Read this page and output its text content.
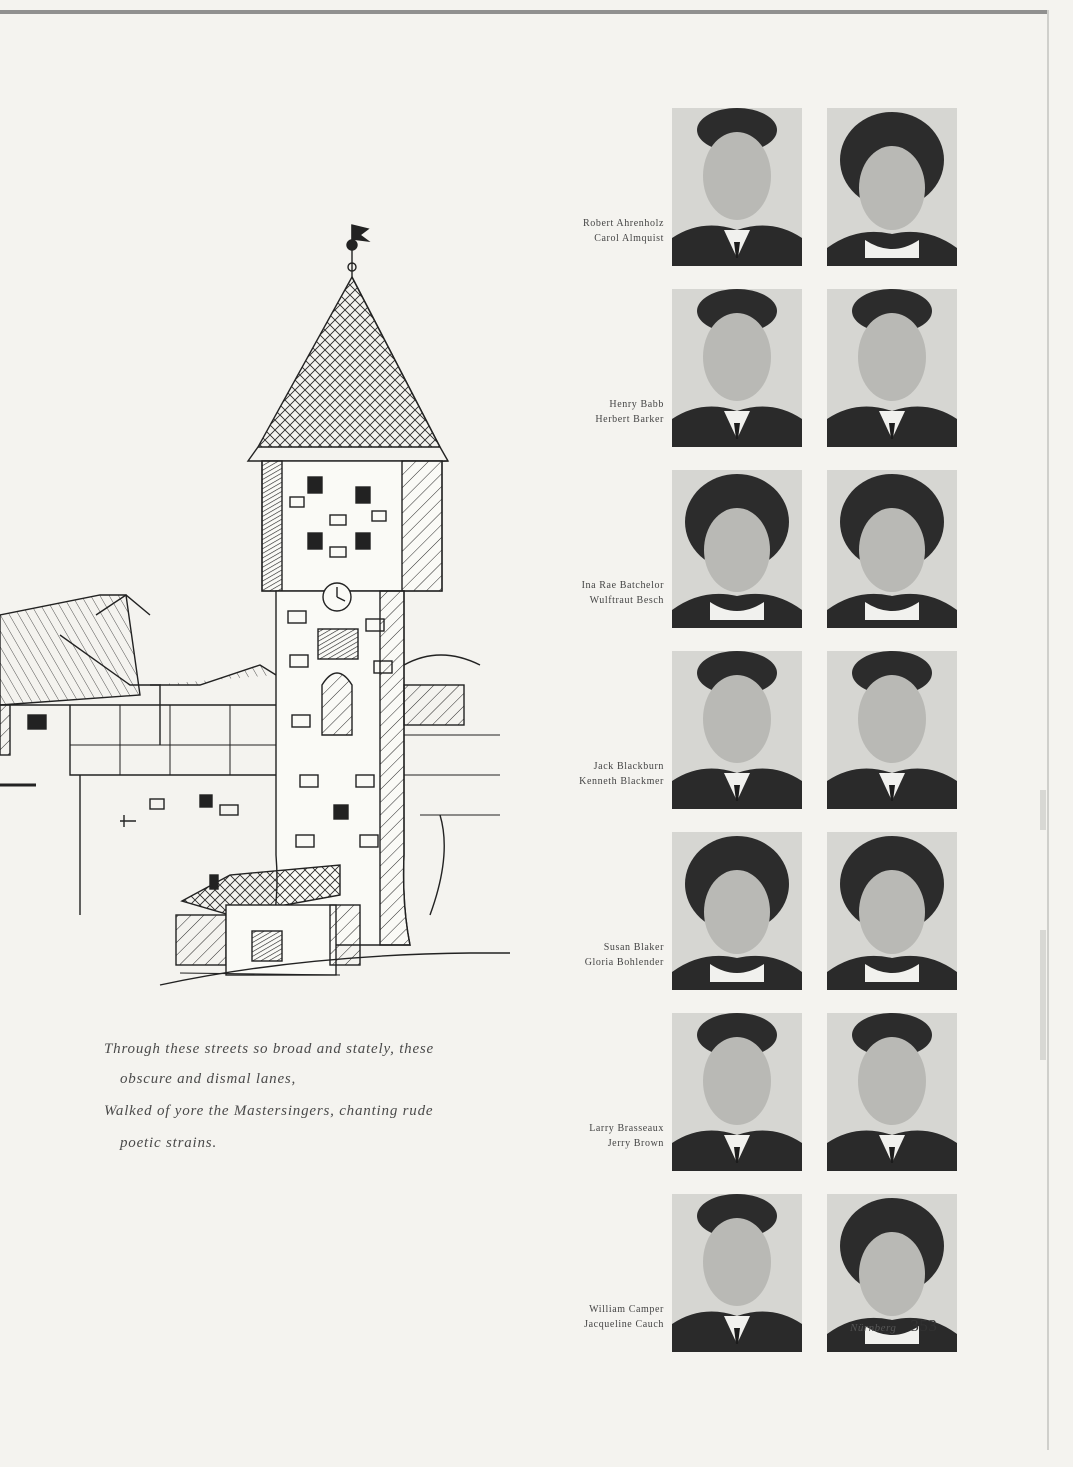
Through these streets so broad and stately, these
obscure and dismal lanes,
Walked of yore the Mastersingers, chanting rude
poetic strains.
Robert Ahrenholz
Carol Almquist
Henry Babb
Herbert Barker
Ina Rae Batchelor
Wulftraut Besch
Jack Blackburn
Kenneth Blackmer
Susan Blaker
Gloria Bohlender
Larry Brasseaux
Jerry Brown
William Camper
Jacqueline Cauch	Nürnberg 353
